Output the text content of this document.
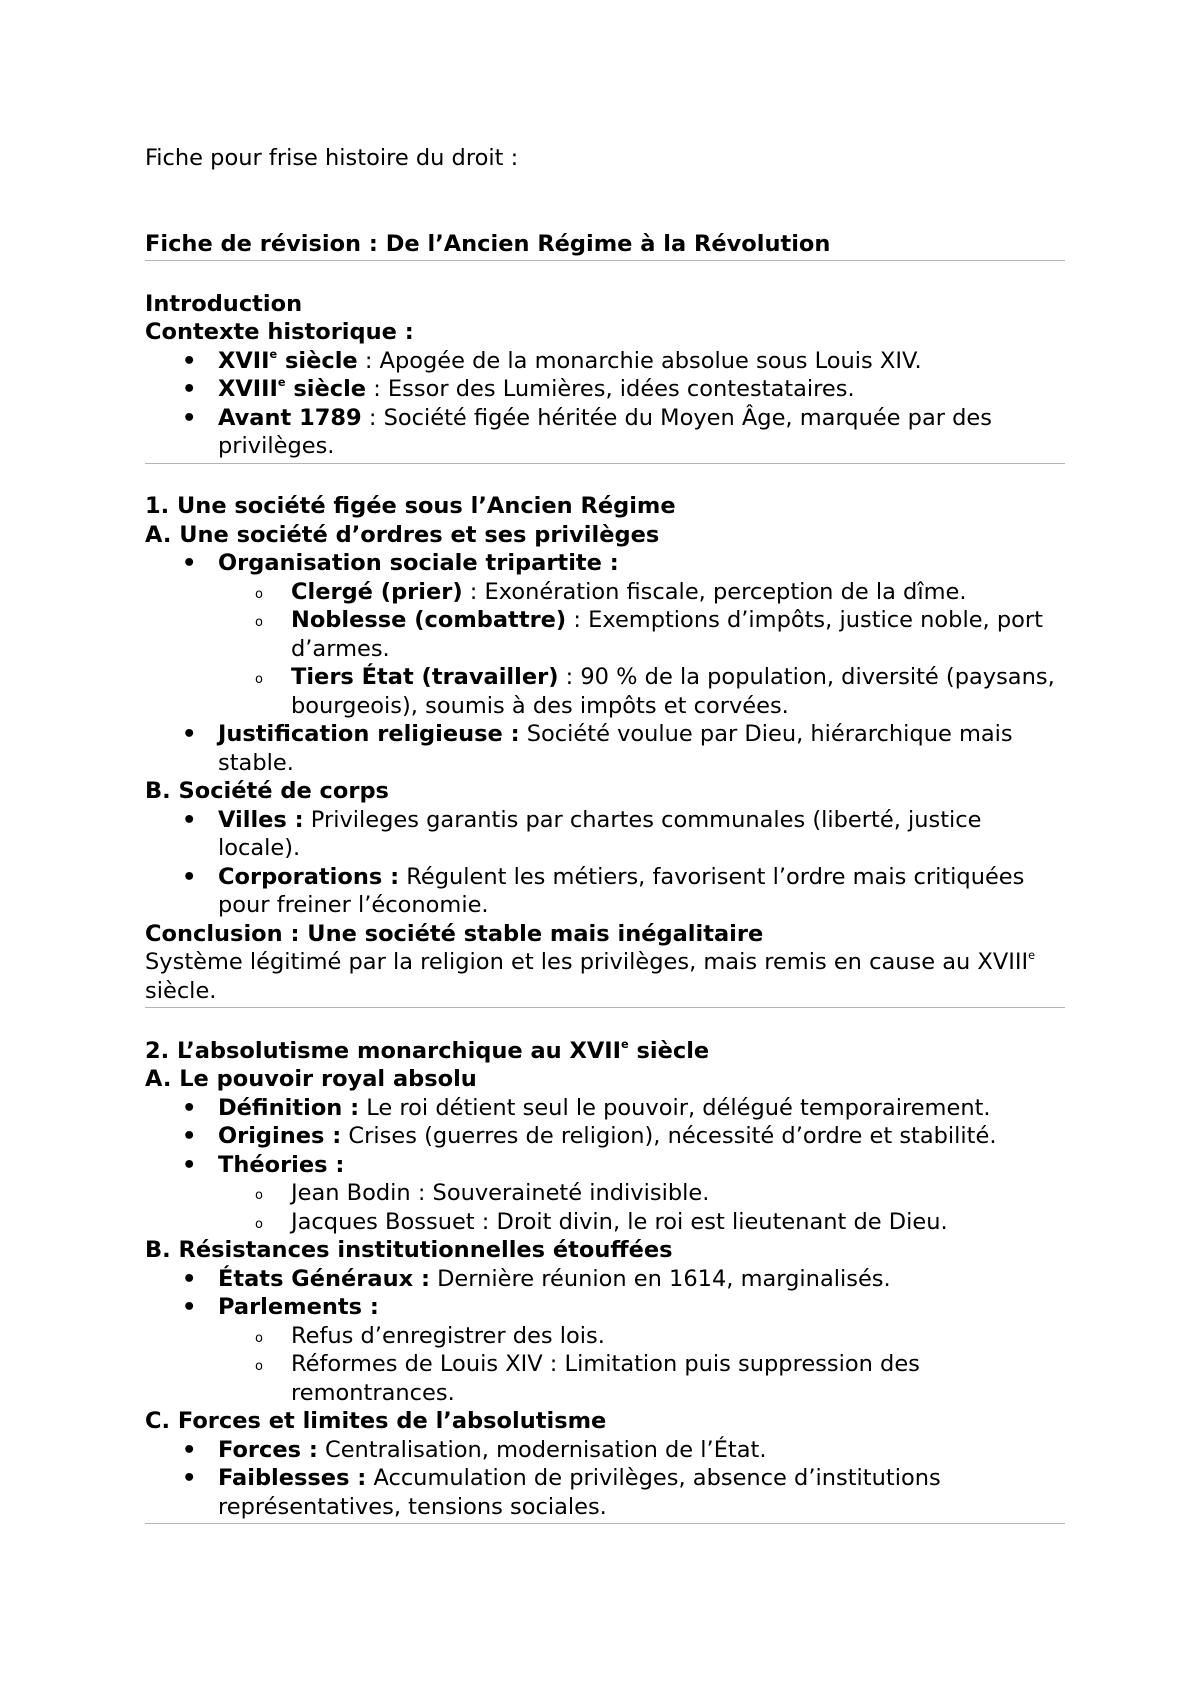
Fiche pour frise histoire du droit :

Fiche de révision : De l’Ancien Régime à la Révolution

Introduction

Contexte historique :

• XVIIe siècle : Apogée de la monarchie absolue sous Louis XIV.
• XVIIIe siècle : Essor des Lumières, idées contestataires.
• Avant 1789 : Société figée héritée du Moyen Âge, marquée par des privilèges.

1. Une société figée sous l’Ancien Régime

A. Une société d’ordres et ses privilèges

• Organisation sociale tripartite :
o Clergé (prier) : Exonération fiscale, perception de la dîme.
o Noblesse (combattre) : Exemptions d’impôts, justice noble, port d’armes.
o Tiers État (travailler) : 90 % de la population, diversité (paysans, bourgeois), soumis à des impôts et corvées.
• Justification religieuse : Société voulue par Dieu, hiérarchique mais stable.

B. Société de corps

• Villes : Privileges garantis par chartes communales (liberté, justice locale).
• Corporations : Régulent les métiers, favorisent l’ordre mais critiquées pour freiner l’économie.

Conclusion : Une société stable mais inégalitaire

Système légitimé par la religion et les privilèges, mais remis en cause au XVIIIe siècle.

2. L’absolutisme monarchique au XVIIe siècle

A. Le pouvoir royal absolu

• Définition : Le roi détient seul le pouvoir, délégué temporairement.
• Origines : Crises (guerres de religion), nécessité d’ordre et stabilité.
• Théories :
o Jean Bodin : Souveraineté indivisible.
o Jacques Bossuet : Droit divin, le roi est lieutenant de Dieu.

B. Résistances institutionnelles étouffées

• États Généraux : Dernière réunion en 1614, marginalisés.
• Parlements :
o Refus d’enregistrer des lois.
o Réformes de Louis XIV : Limitation puis suppression des remontrances.

C. Forces et limites de l’absolutisme

• Forces : Centralisation, modernisation de l’État.
• Faiblesses : Accumulation de privilèges, absence d’institutions représentatives, tensions sociales.
